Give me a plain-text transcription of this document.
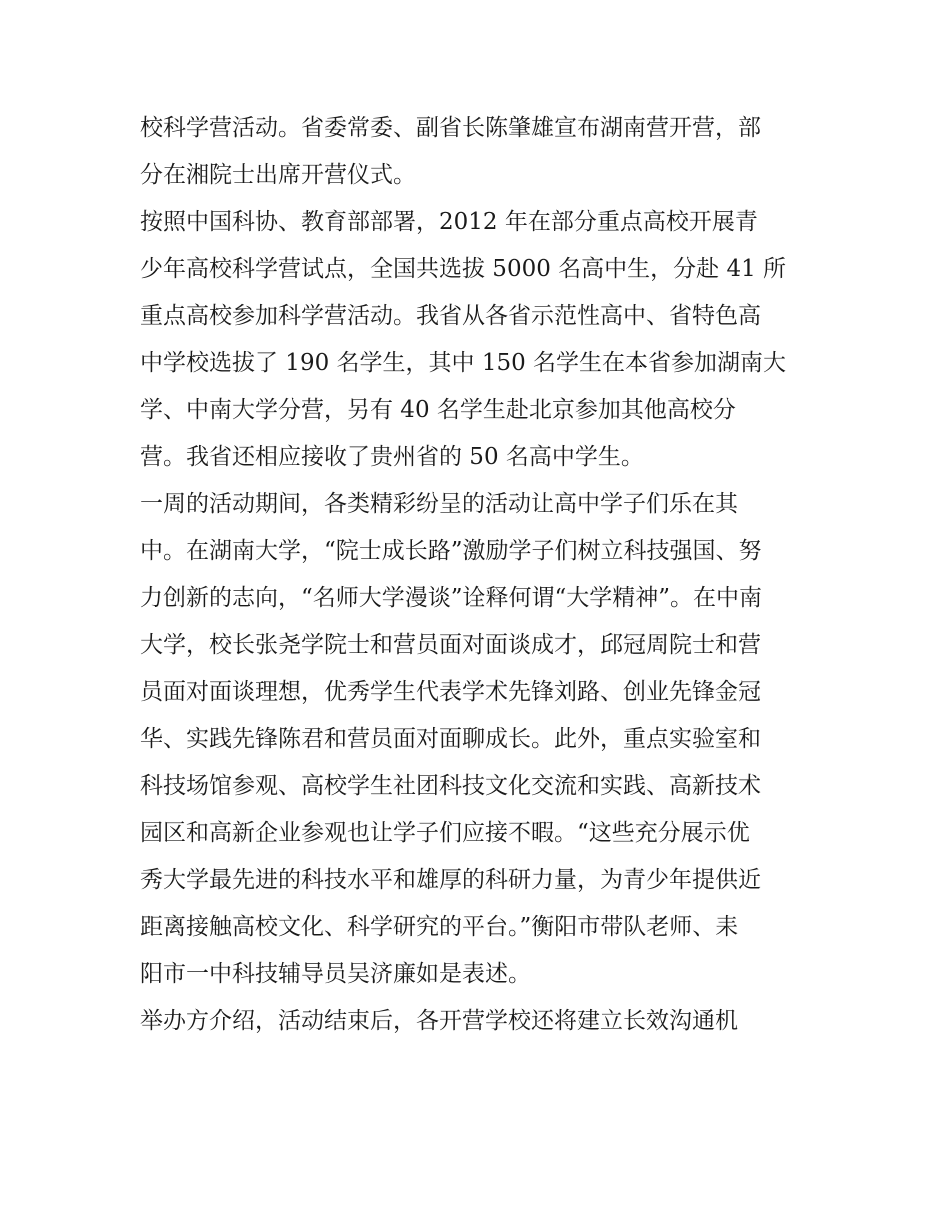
校科学营活动。省委常委、副省长陈肇雄宣布湖南营开营，部
分在湘院士出席开营仪式。
按照中国科协、教育部部署，2012 年在部分重点高校开展青
少年高校科学营试点，全国共选拔 5000 名高中生，分赴 41 所
重点高校参加科学营活动。我省从各省示范性高中、省特色高
中学校选拔了 190 名学生，其中 150 名学生在本省参加湖南大
学、中南大学分营，另有 40 名学生赴北京参加其他高校分
营。我省还相应接收了贵州省的 50 名高中学生。
一周的活动期间，各类精彩纷呈的活动让高中学子们乐在其
中。在湖南大学，“院士成长路”激励学子们树立科技强国、努
力创新的志向，“名师大学漫谈”诠释何谓“大学精神”。在中南
大学，校长张尧学院士和营员面对面谈成才，邱冠周院士和营
员面对面谈理想，优秀学生代表学术先锋刘路、创业先锋金冠
华、实践先锋陈君和营员面对面聊成长。此外，重点实验室和
科技场馆参观、高校学生社团科技文化交流和实践、高新技术
园区和高新企业参观也让学子们应接不暇。“这些充分展示优
秀大学最先进的科技水平和雄厚的科研力量，为青少年提供近
距离接触高校文化、科学研究的平台。”衡阳市带队老师、耒
阳市一中科技辅导员吴济廉如是表述。
举办方介绍，活动结束后，各开营学校还将建立长效沟通机
